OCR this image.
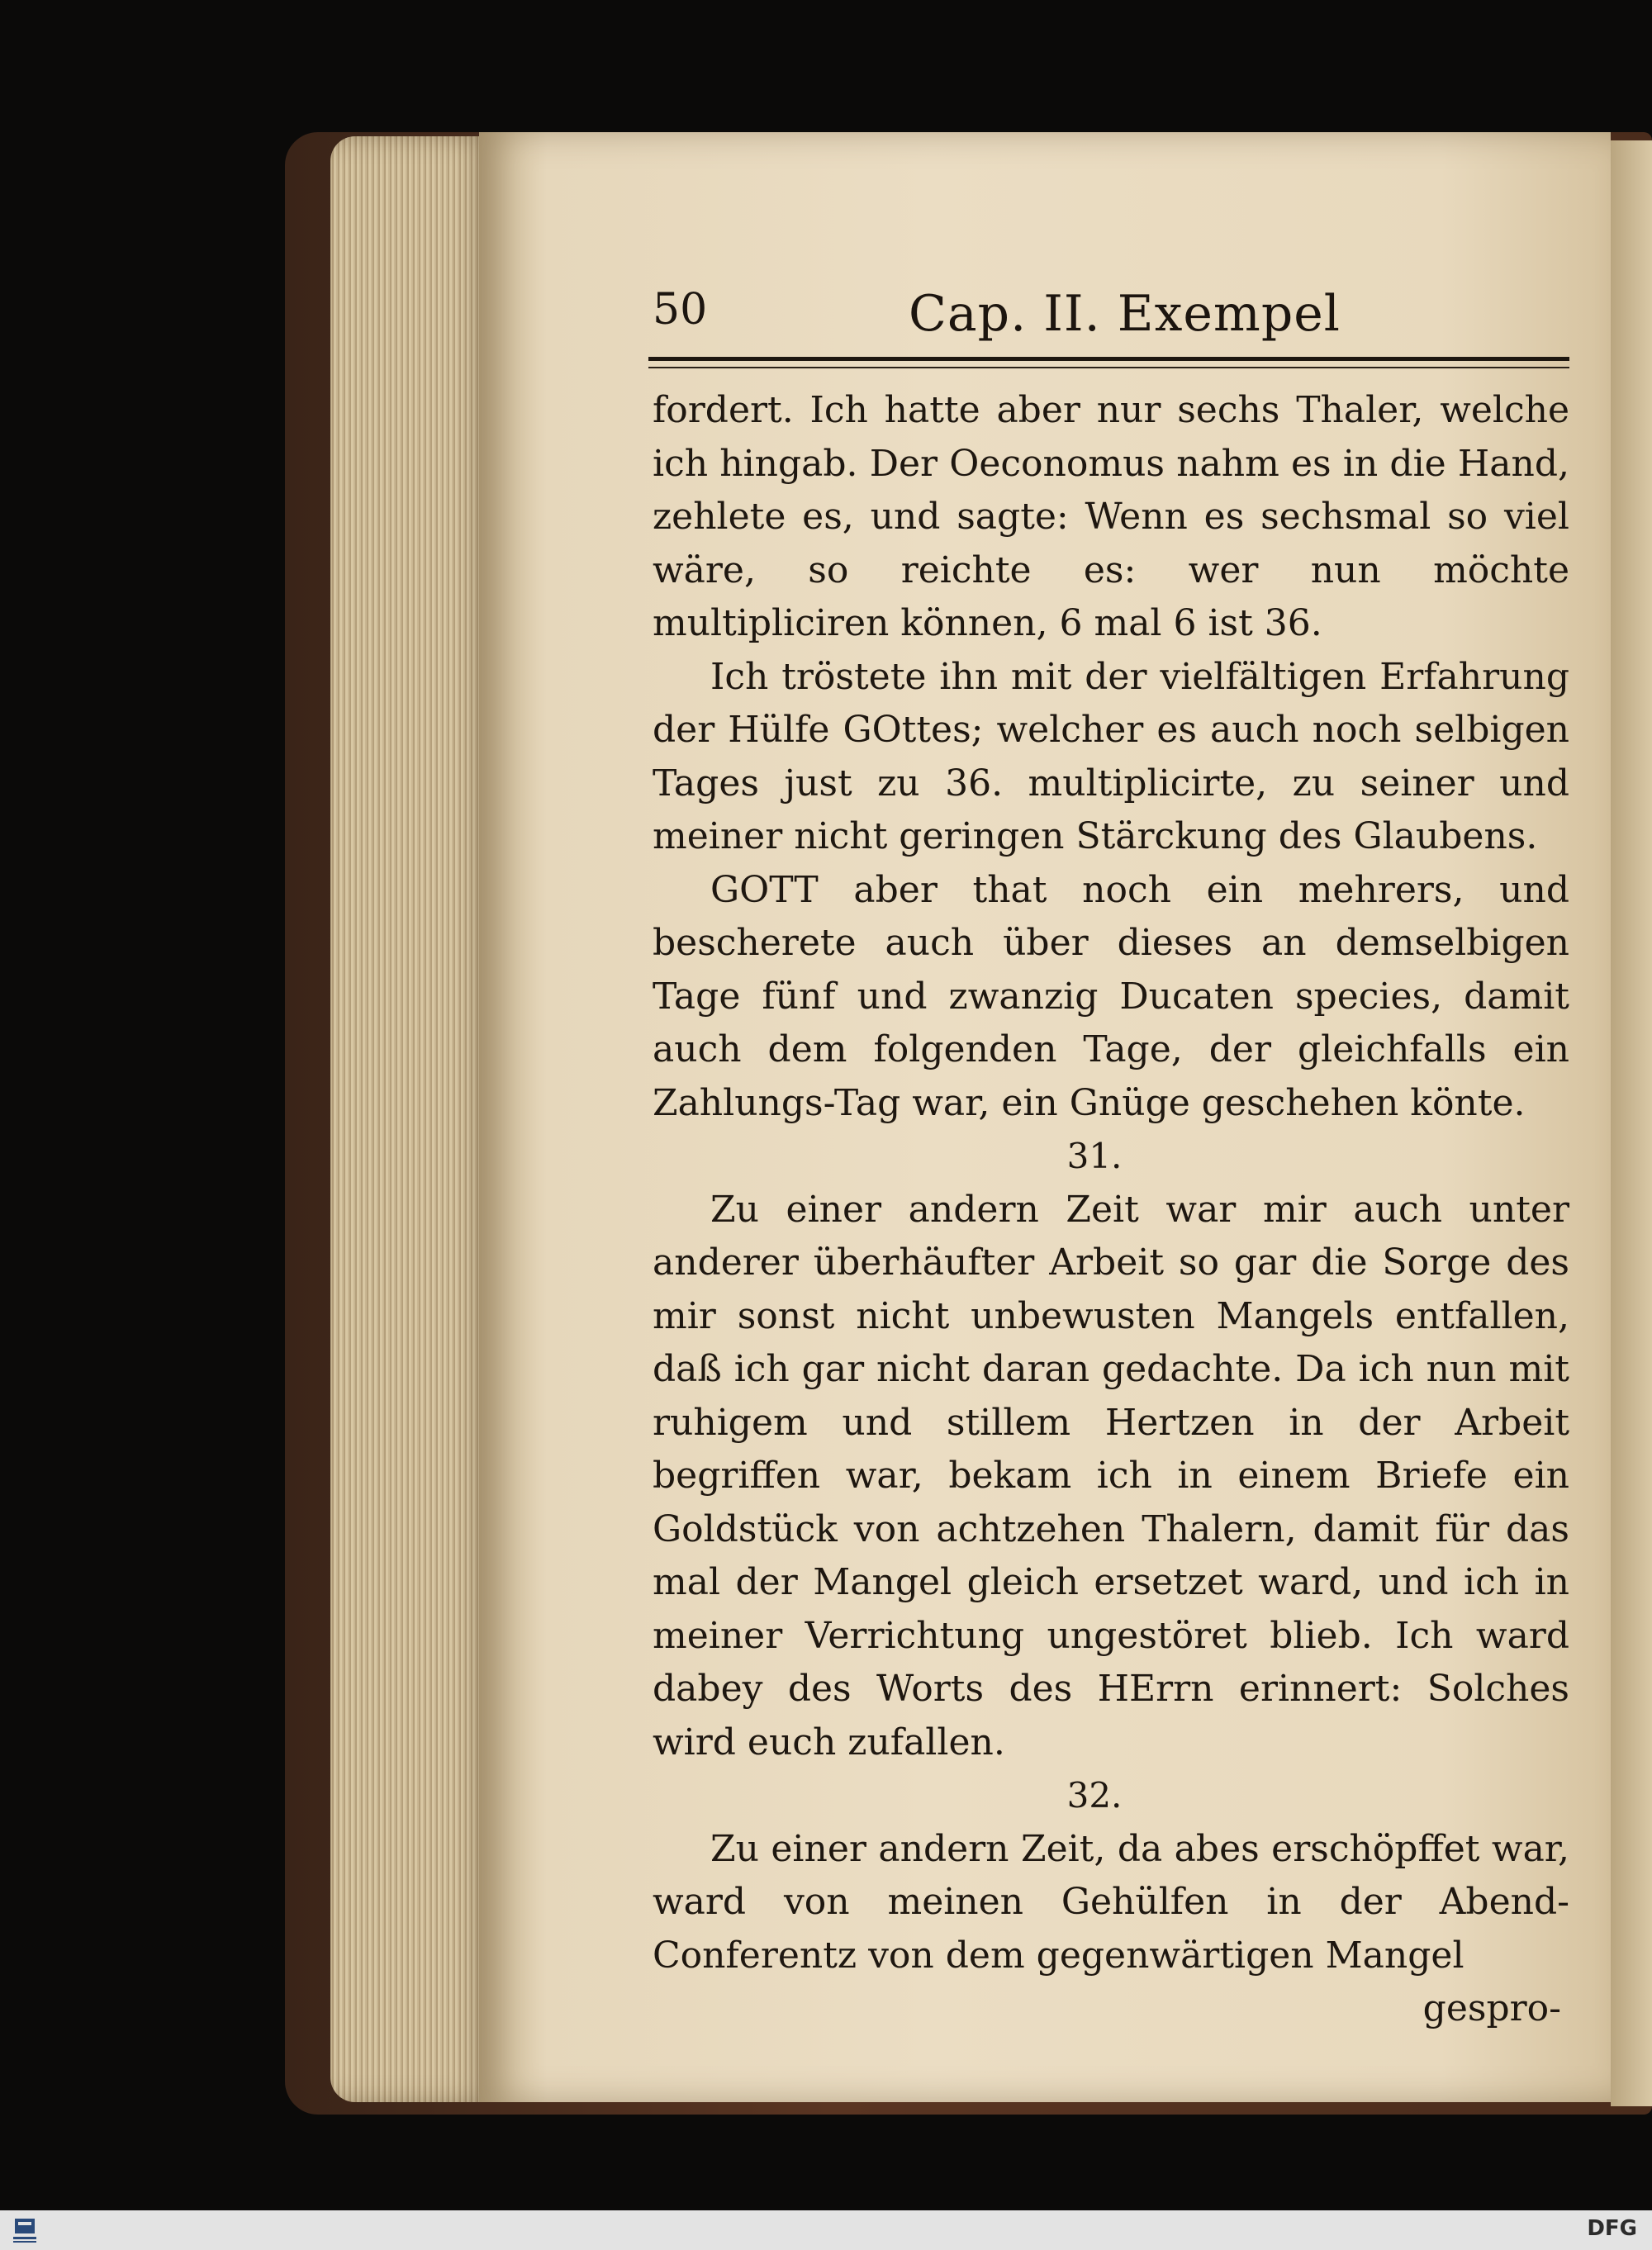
50	Cap. II. Exempel

fordert. Ich hatte aber nur sechs Thaler, welche ich hingab. Der Oeconomus nahm es in die Hand, zehlete es, und sagte: Wenn es sechsmal so viel wäre, so reichte es: wer nun möchte multipliciren können, 6 mal 6 ist 36.

Ich tröstete ihn mit der vielfältigen Erfahrung der Hülfe GOttes; welcher es auch noch selbigen Tages just zu 36. multiplicirte, zu seiner und meiner nicht geringen Stärckung des Glaubens.

GOTT aber that noch ein mehrers, und bescherete auch über dieses an demselbigen Tage fünf und zwanzig Ducaten species, damit auch dem folgenden Tage, der gleichfalls ein Zahlungs-Tag war, ein Gnüge geschehen könte.

31.

Zu einer andern Zeit war mir auch unter anderer überhäufter Arbeit so gar die Sorge des mir sonst nicht unbewusten Mangels entfallen, daß ich gar nicht daran gedachte. Da ich nun mit ruhigem und stillem Hertzen in der Arbeit begriffen war, bekam ich in einem Briefe ein Goldstück von achtzehen Thalern, damit für das mal der Mangel gleich ersetzet ward, und ich in meiner Verrichtung ungestöret blieb. Ich ward dabey des Worts des HErrn erinnert: Solches wird euch zufallen.

32.

Zu einer andern Zeit, da abes erschöpffet war, ward von meinen Gehülfen in der Abend-Conferentz von dem gegenwärtigen Mangel

gespro-

DFG
